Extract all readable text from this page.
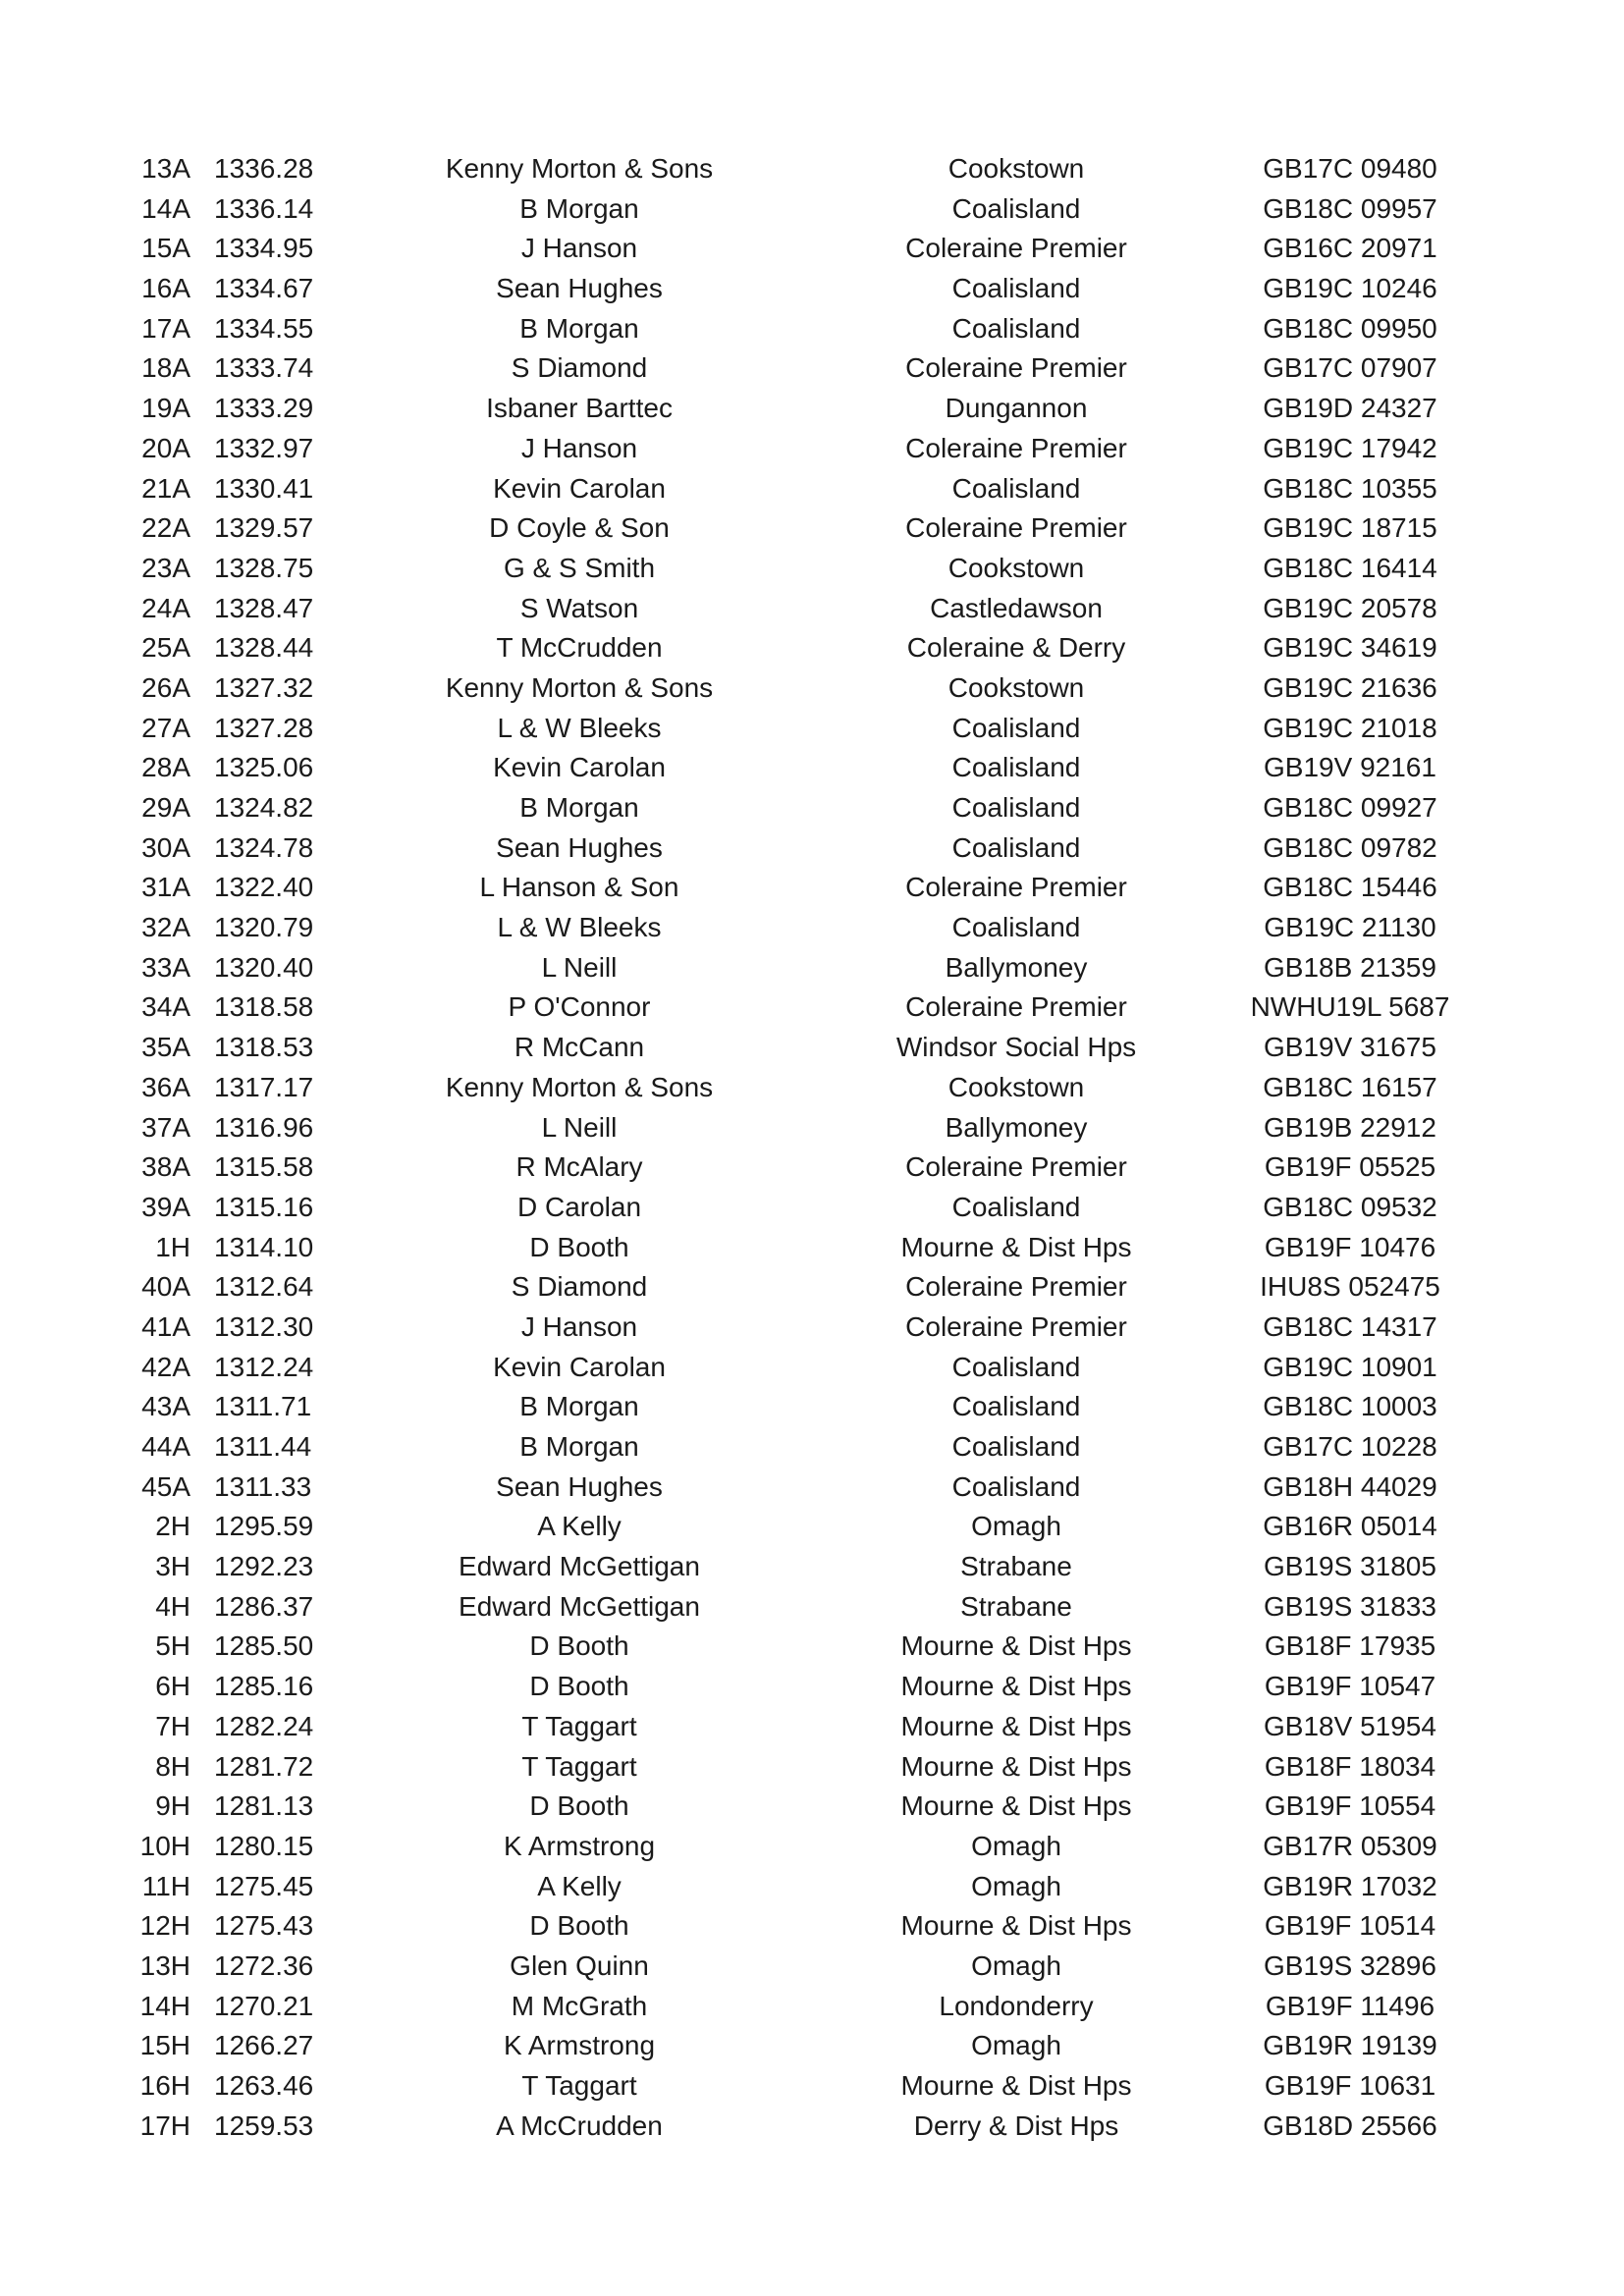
13A 1336.28	Kenny Morton & Sons	Cookstown	GB17C 09480
14A 1336.14	B Morgan	Coalisland	GB18C 09957
15A 1334.95	J Hanson	Coleraine Premier	GB16C 20971
16A 1334.67	Sean Hughes	Coalisland	GB19C 10246
17A 1334.55	B Morgan	Coalisland	GB18C 09950
18A 1333.74	S Diamond	Coleraine Premier	GB17C 07907
19A 1333.29	Isbaner Barttec	Dungannon	GB19D 24327
20A 1332.97	J Hanson	Coleraine Premier	GB19C 17942
21A 1330.41	Kevin Carolan	Coalisland	GB18C 10355
22A 1329.57	D Coyle & Son	Coleraine Premier	GB19C 18715
23A 1328.75	G & S Smith	Cookstown	GB18C 16414
24A 1328.47	S Watson	Castledawson	GB19C 20578
25A 1328.44	T McCrudden	Coleraine & Derry	GB19C 34619
26A 1327.32	Kenny Morton & Sons	Cookstown	GB19C 21636
27A 1327.28	L & W Bleeks	Coalisland	GB19C 21018
28A 1325.06	Kevin Carolan	Coalisland	GB19V 92161
29A 1324.82	B Morgan	Coalisland	GB18C 09927
30A 1324.78	Sean Hughes	Coalisland	GB18C 09782
31A 1322.40	L Hanson & Son	Coleraine Premier	GB18C 15446
32A 1320.79	L & W Bleeks	Coalisland	GB19C 21130
33A 1320.40	L Neill	Ballymoney	GB18B 21359
34A 1318.58	P O'Connor	Coleraine Premier	NWHU19L 5687
35A 1318.53	R McCann	Windsor Social Hps	GB19V 31675
36A 1317.17	Kenny Morton & Sons	Cookstown	GB18C 16157
37A 1316.96	L Neill	Ballymoney	GB19B 22912
38A 1315.58	R McAlary	Coleraine Premier	GB19F 05525
39A 1315.16	D Carolan	Coalisland	GB18C 09532
1H 1314.10	D Booth	Mourne & Dist Hps	GB19F 10476
40A 1312.64	S Diamond	Coleraine Premier	IHU8S 052475
41A 1312.30	J Hanson	Coleraine Premier	GB18C 14317
42A 1312.24	Kevin Carolan	Coalisland	GB19C 10901
43A 1311.71	B Morgan	Coalisland	GB18C 10003
44A 1311.44	B Morgan	Coalisland	GB17C 10228
45A 1311.33	Sean Hughes	Coalisland	GB18H 44029
2H 1295.59	A Kelly	Omagh	GB16R 05014
3H 1292.23	Edward McGettigan	Strabane	GB19S 31805
4H 1286.37	Edward McGettigan	Strabane	GB19S 31833
5H 1285.50	D Booth	Mourne & Dist Hps	GB18F 17935
6H 1285.16	D Booth	Mourne & Dist Hps	GB19F 10547
7H 1282.24	T Taggart	Mourne & Dist Hps	GB18V 51954
8H 1281.72	T Taggart	Mourne & Dist Hps	GB18F 18034
9H 1281.13	D Booth	Mourne & Dist Hps	GB19F 10554
10H 1280.15	K Armstrong	Omagh	GB17R 05309
11H 1275.45	A Kelly	Omagh	GB19R 17032
12H 1275.43	D Booth	Mourne & Dist Hps	GB19F 10514
13H 1272.36	Glen Quinn	Omagh	GB19S 32896
14H 1270.21	M McGrath	Londonderry	GB19F 11496
15H 1266.27	K Armstrong	Omagh	GB19R 19139
16H 1263.46	T Taggart	Mourne & Dist Hps	GB19F 10631
17H 1259.53	A McCrudden	Derry & Dist Hps	GB18D 25566
